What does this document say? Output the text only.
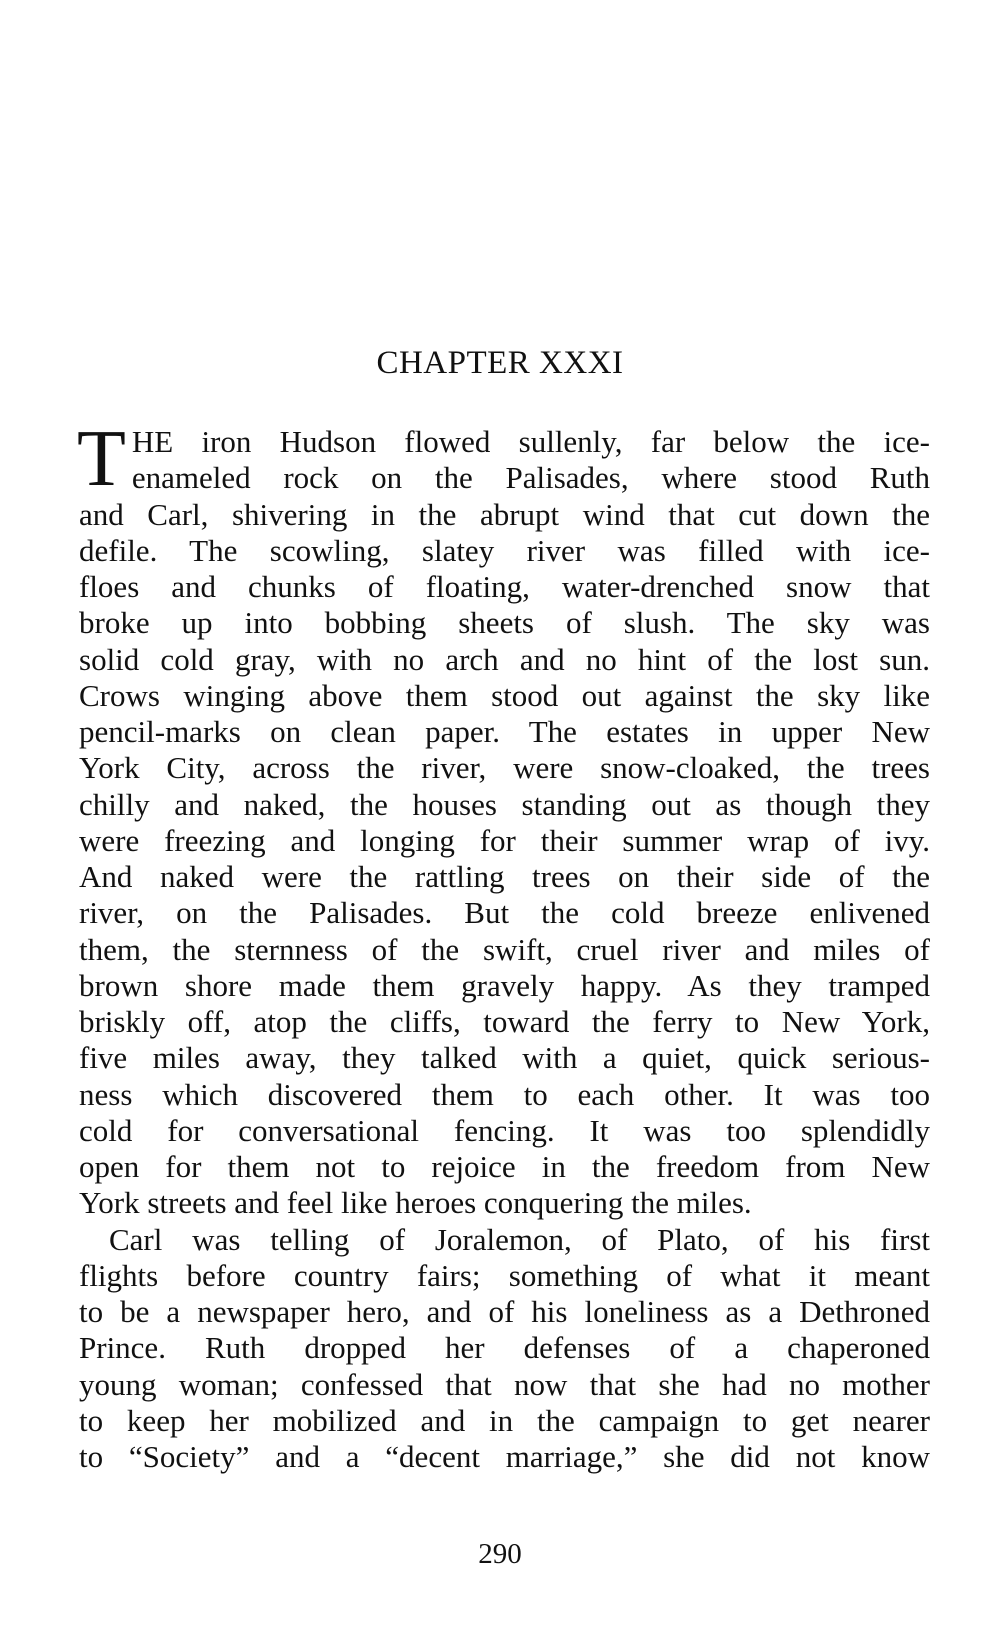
CHAPTER XXXI
T HE iron Hudson flowed sullenly, far below the ice-
enameled rock on the Palisades, where stood Ruth
and Carl, shivering in the abrupt wind that cut down the
defile. The scowling, slatey river was filled with ice-
floes and chunks of floating, water-drenched snow that
broke up into bobbing sheets of slush. The sky was
solid cold gray, with no arch and no hint of the lost sun.
Crows winging above them stood out against the sky like
pencil-marks on clean paper. The estates in upper New
York City, across the river, were snow-cloaked, the trees
chilly and naked, the houses standing out as though they
were freezing and longing for their summer wrap of ivy.
And naked were the rattling trees on their side of the
river, on the Palisades. But the cold breeze enlivened
them, the sternness of the swift, cruel river and miles of
brown shore made them gravely happy. As they tramped
briskly off, atop the cliffs, toward the ferry to New York,
five miles away, they talked with a quiet, quick serious-
ness which discovered them to each other. It was too
cold for conversational fencing. It was too splendidly
open for them not to rejoice in the freedom from New
York streets and feel like heroes conquering the miles.
Carl was telling of Joralemon, of Plato, of his first
flights before country fairs; something of what it meant
to be a newspaper hero, and of his loneliness as a Dethroned
Prince. Ruth dropped her defenses of a chaperoned
young woman; confessed that now that she had no mother
to keep her mobilized and in the campaign to get nearer
to “Society” and a “decent marriage,” she did not know
290
